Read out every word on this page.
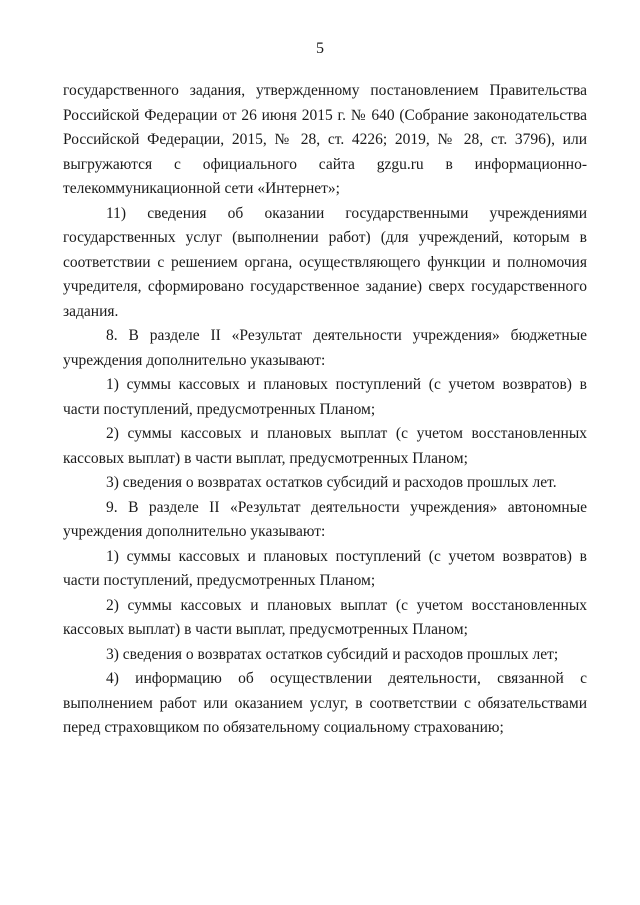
5

государственного задания, утвержденному постановлением Правительства Российской Федерации от 26 июня 2015 г. № 640 (Собрание законодательства Российской Федерации, 2015, № 28, ст. 4226; 2019, № 28, ст. 3796), или выгружаются с официального сайта gzgu.ru в информационно-телекоммуникационной сети «Интернет»;

11) сведения об оказании государственными учреждениями государственных услуг (выполнении работ) (для учреждений, которым в соответствии с решением органа, осуществляющего функции и полномочия учредителя, сформировано государственное задание) сверх государственного задания.

8. В разделе II «Результат деятельности учреждения» бюджетные учреждения дополнительно указывают:

1) суммы кассовых и плановых поступлений (с учетом возвратов) в части поступлений, предусмотренных Планом;

2) суммы кассовых и плановых выплат (с учетом восстановленных кассовых выплат) в части выплат, предусмотренных Планом;

3) сведения о возвратах остатков субсидий и расходов прошлых лет.

9. В разделе II «Результат деятельности учреждения» автономные учреждения дополнительно указывают:

1) суммы кассовых и плановых поступлений (с учетом возвратов) в части поступлений, предусмотренных Планом;

2) суммы кассовых и плановых выплат (с учетом восстановленных кассовых выплат) в части выплат, предусмотренных Планом;

3) сведения о возвратах остатков субсидий и расходов прошлых лет;

4) информацию об осуществлении деятельности, связанной с выполнением работ или оказанием услуг, в соответствии с обязательствами перед страховщиком по обязательному социальному страхованию;
